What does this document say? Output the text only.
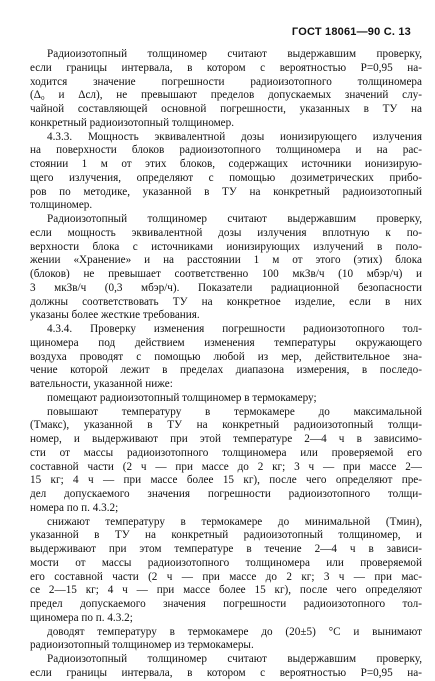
ГОСТ 18061—90 С. 13
Радиоизотопный толщиномер считают выдержавшим проверку,
если границы интервала, в котором с вероятностью P=0,95 на-
ходится значение погрешности радиоизотопного толщиномера
(Δ₀ и Δсл), не превышают пределов допускаемых значений слу-
чайной составляющей основной погрешности, указанных в ТУ на
конкретный радиоизотопный толщиномер.
4.3.3. Мощность эквивалентной дозы ионизирующего излучения
на поверхности блоков радиоизотопного толщиномера и на рас-
стоянии 1 м от этих блоков, содержащих источники ионизирую-
щего излучения, определяют с помощью дозиметрических прибо-
ров по методике, указанной в ТУ на конкретный радиоизотопный
толщиномер.
Радиоизотопный толщиномер считают выдержавшим проверку,
если мощность эквивалентной дозы излучения вплотную к по-
верхности блока с источниками ионизирующих излучений в поло-
жении «Хранение» и на расстоянии 1 м от этого (этих) блока
(блоков) не превышает соответственно 100 мкЗв/ч (10 мбэр/ч) и
3 мкЗв/ч (0,3 мбэр/ч). Показатели радиационной безопасности
должны соответствовать ТУ на конкретное изделие, если в них
указаны более жесткие требования.
4.3.4. Проверку изменения погрешности радиоизотопного тол-
щиномера под действием изменения температуры окружающего
воздуха проводят с помощью любой из мер, действительное зна-
чение которой лежит в пределах диапазона измерения, в последо-
вательности, указанной ниже:
помещают радиоизотопный толщиномер в термокамеру;
повышают температуру в термокамере до максимальной
(Tмакс), указанной в ТУ на конкретный радиоизотопный толщи-
номер, и выдерживают при этой температуре 2—4 ч в зависимо-
сти от массы радиоизотопного толщиномера или проверяемой его
составной части (2 ч — при массе до 2 кг; 3 ч — при массе 2—
15 кг; 4 ч — при массе более 15 кг), после чего определяют пре-
дел допускаемого значения погрешности радиоизотопного толщи-
номера по п. 4.3.2;
снижают температуру в термокамере до минимальной (Tмин),
указанной в ТУ на конкретный радиоизотопный толщиномер, и
выдерживают при этом температуре в течение 2—4 ч в зависи-
мости от массы радиоизотопного толщиномера или проверяемой
его составной части (2 ч — при массе до 2 кг; 3 ч — при мас-
се 2—15 кг; 4 ч — при массе более 15 кг), после чего определяют
предел допускаемого значения погрешности радиоизотопного тол-
щиномера по п. 4.3.2;
доводят температуру в термокамере до (20±5) °С и вынимают
радиоизотопный толщиномер из термокамеры.
Радиоизотопный толщиномер считают выдержавшим проверку,
если границы интервала, в котором с вероятностью P=0,95 на-
